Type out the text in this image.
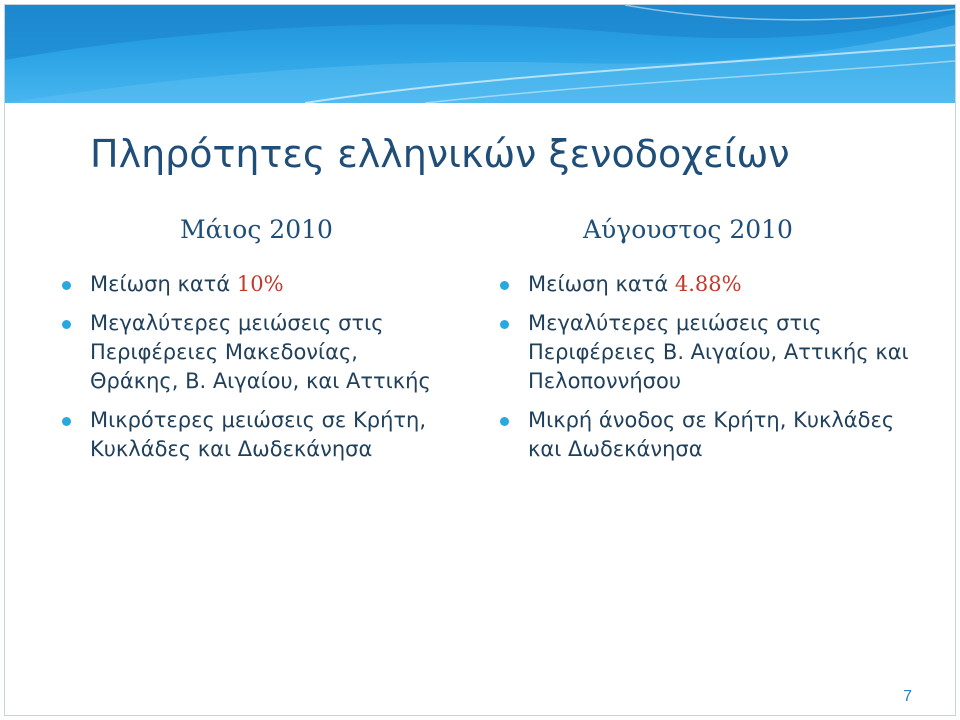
Πληρότητες ελληνικών ξενοδοχείων
Μάιος 2010	Αύγουστος 2010
Μείωση κατά 10%
Μεγαλύτερες μειώσεις στις Περιφέρειες Μακεδονίας, Θράκης, Β. Αιγαίου, και Αττικής
Μικρότερες μειώσεις σε Κρήτη, Κυκλάδες και Δωδεκάνησα
Μείωση κατά 4.88%
Μεγαλύτερες μειώσεις στις Περιφέρειες Β. Αιγαίου, Αττικής και Πελοποννήσου
Μικρή άνοδος σε Κρήτη, Κυκλάδες και Δωδεκάνησα
7
